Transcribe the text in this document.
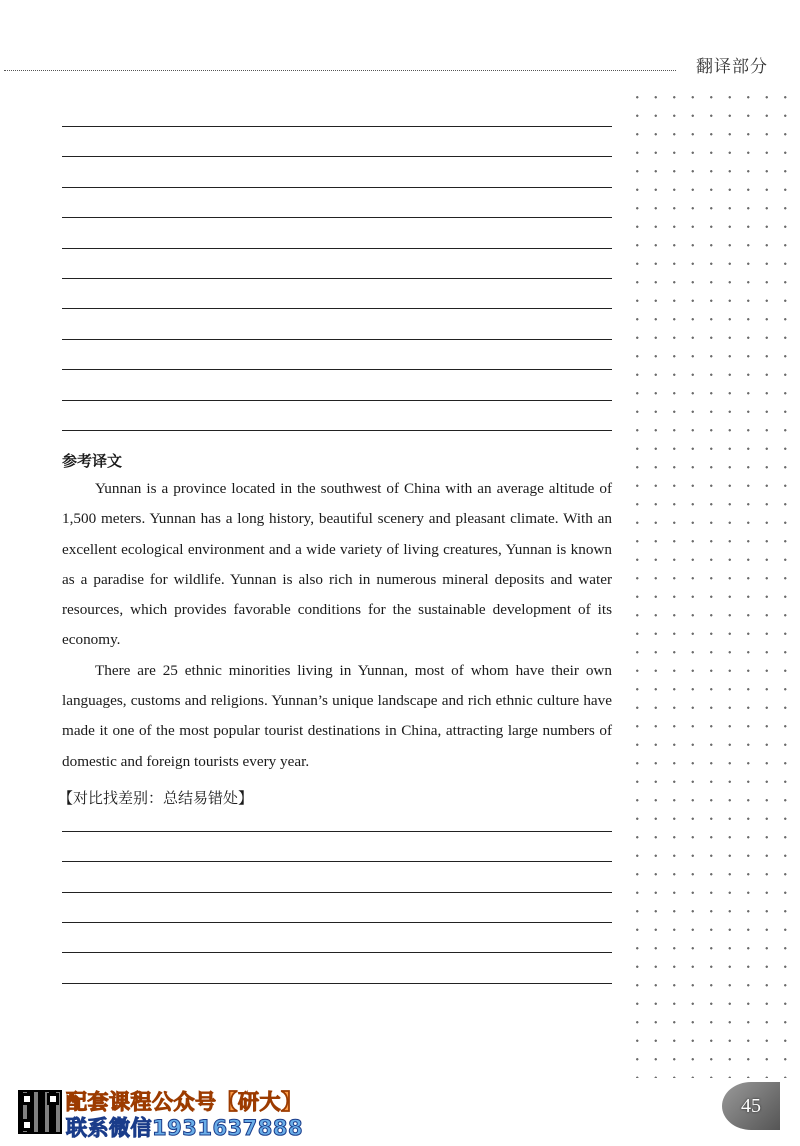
翻译部分
参考译文

Yunnan is a province located in the southwest of China with an average altitude of 1,500 meters. Yunnan has a long history, beautiful scenery and pleasant climate. With an excellent ecological environment and a wide variety of living creatures, Yunnan is known as a paradise for wildlife. Yunnan is also rich in numerous mineral deposits and water resources, which provides favorable conditions for the sustainable development of its economy.

There are 25 ethnic minorities living in Yunnan, most of whom have their own languages, customs and religions. Yunnan’s unique landscape and rich ethnic culture have made it one of the most popular tourist destinations in China, attracting large numbers of domestic and foreign tourists every year.

【对比找差别：总结易错处】
配套课程公众号【研大】
联系微信1931637888
45
